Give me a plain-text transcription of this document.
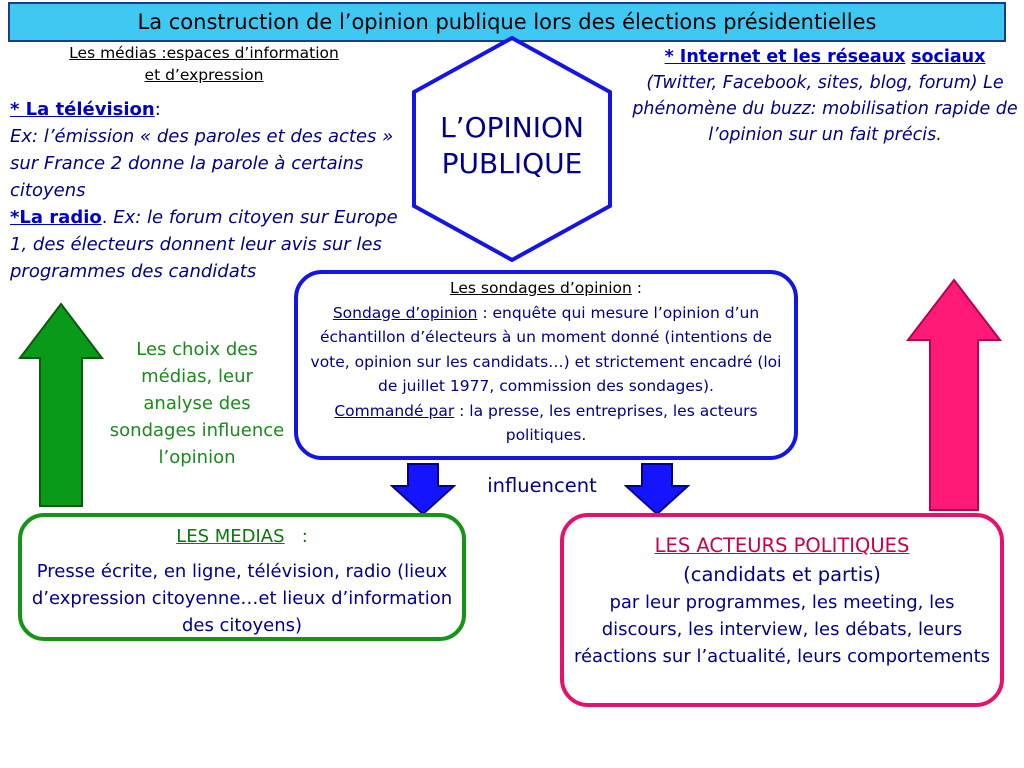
La construction de l’opinion publique lors des élections présidentielles
Les médias :espaces d’information
et d’expression
* La télévision:
Ex: l’émission « des paroles et des actes » sur France 2 donne la parole à certains citoyens
*La radio. Ex: le forum citoyen sur Europe 1, des électeurs donnent leur avis sur les programmes des candidats
L’OPINION
PUBLIQUE
* Internet et les réseaux sociaux (Twitter, Facebook, sites, blog, forum) Le phénomène du buzz: mobilisation rapide de l’opinion sur un fait précis.
Les sondages d’opinion :
Sondage d’opinion : enquête qui mesure l’opinion d’un échantillon d’électeurs à un moment donné (intentions de vote, opinion sur les candidats…) et strictement encadré (loi de juillet 1977, commission des sondages).
Commandé par : la presse, les entreprises, les acteurs politiques.
Les choix des médias, leur analyse des sondages influence l’opinion
influencent
LES MEDIAS   :
Presse écrite, en ligne, télévision, radio (lieux d’expression citoyenne…et lieux d’information des citoyens)
LES ACTEURS POLITIQUES
(candidats et partis)
par leur programmes, les meeting, les discours, les interview, les débats, leurs réactions sur l’actualité, leurs comportements
